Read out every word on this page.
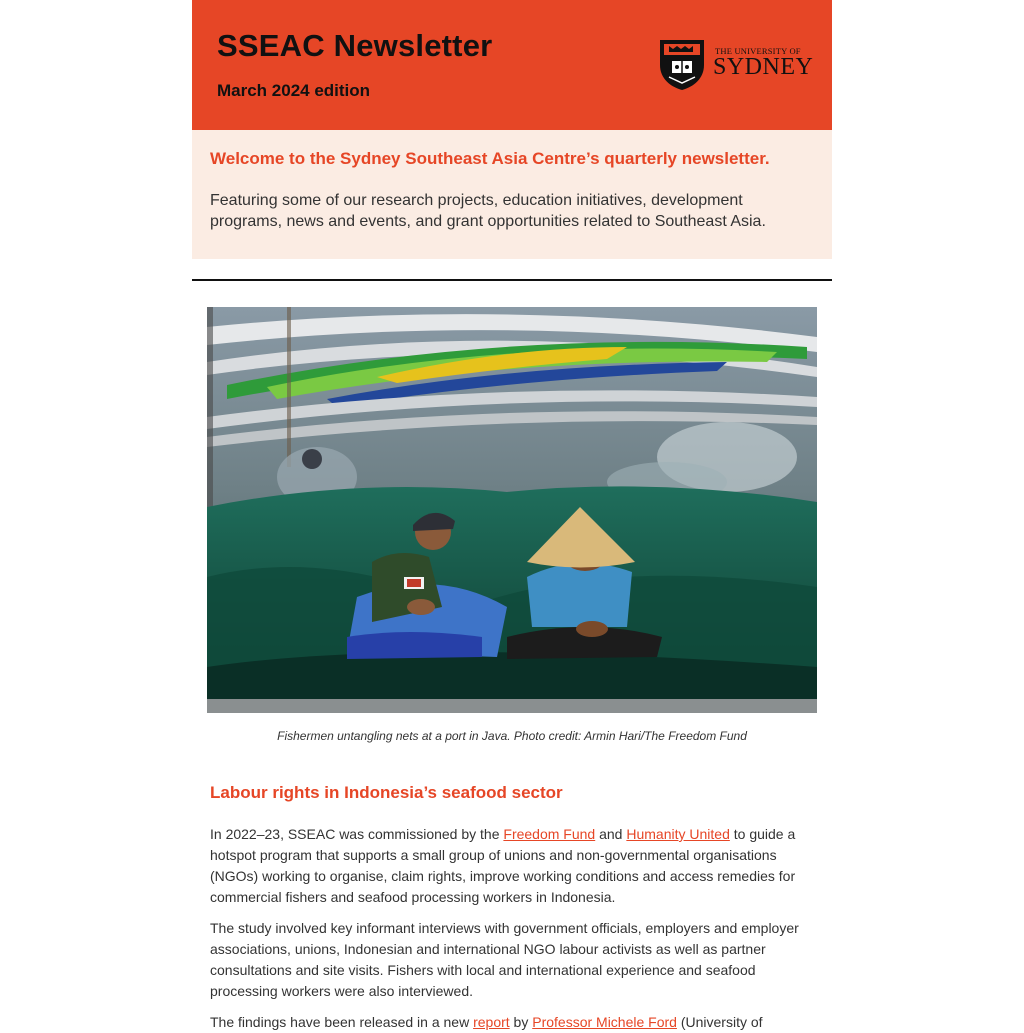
SSEAC Newsletter
March 2024 edition
THE UNIVERSITY OF
SYDNEY
Welcome to the Sydney Southeast Asia Centre’s quarterly newsletter.

Featuring some of our research projects, education initiatives, development programs, news and events, and grant opportunities related to Southeast Asia.

Fishermen untangling nets at a port in Java. Photo credit: Armin Hari/The Freedom Fund
Labour rights in Indonesia’s seafood sector

In 2022–23, SSEAC was commissioned by the Freedom Fund and Humanity United to guide a hotspot program that supports a small group of unions and non-governmental organisations (NGOs) working to organise, claim rights, improve working conditions and access remedies for commercial fishers and seafood processing workers in Indonesia.

The study involved key informant interviews with government officials, employers and employer associations, unions, Indonesian and international NGO labour activists as well as partner consultations and site visits. Fishers with local and international experience and seafood processing workers were also interviewed.

The findings have been released in a new report by Professor Michele Ford (University of
